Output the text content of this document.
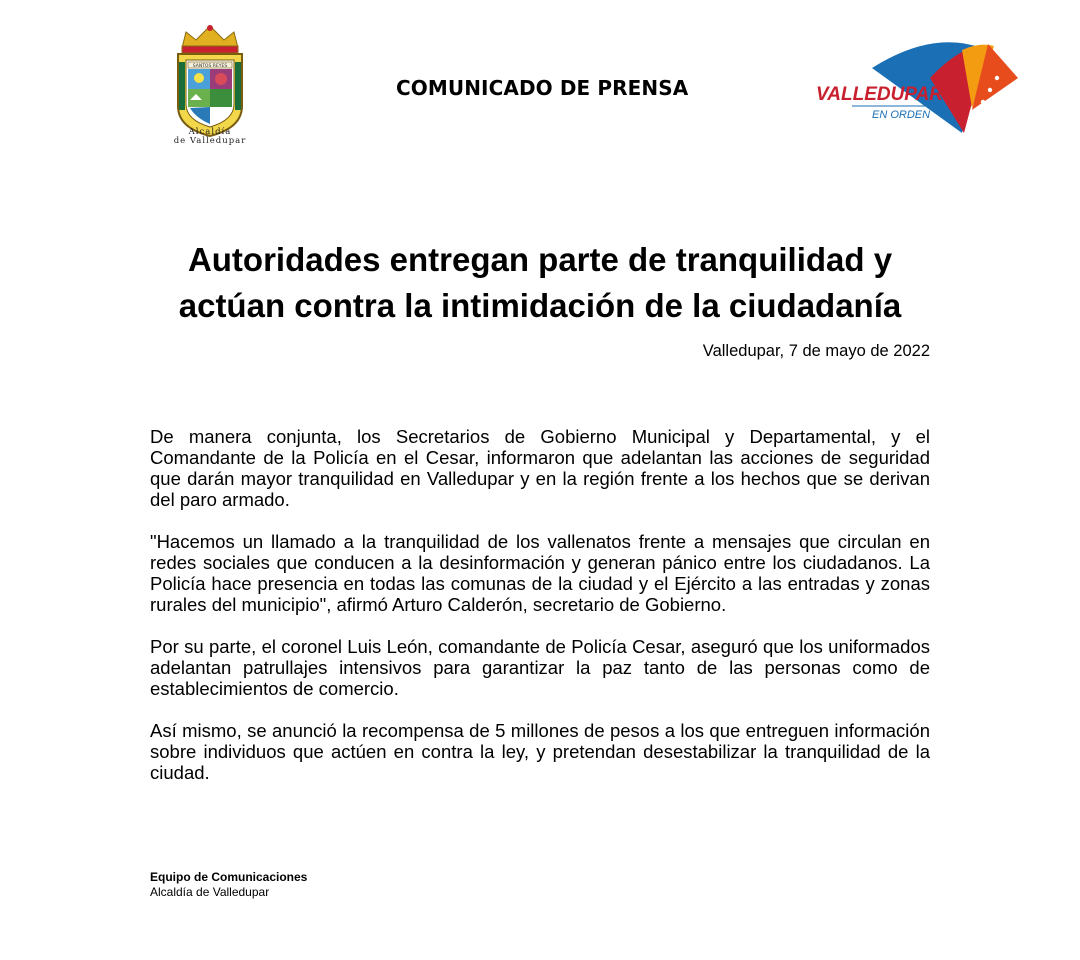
SANTOS REYES
Alcaldía
de Valledupar
COMUNICADO DE PRENSA	VALLEDUPAR
EN ORDEN
Autoridades entregan parte de tranquilidad y
actúan contra la intimidación de la ciudadanía
Valledupar, 7 de mayo de 2022

De manera conjunta, los Secretarios de Gobierno Municipal y Departamental, y el Comandante de la Policía en el Cesar, informaron que adelantan las acciones de seguridad que darán mayor tranquilidad en Valledupar y en la región frente a los hechos que se derivan del paro armado.

"Hacemos un llamado a la tranquilidad de los vallenatos frente a mensajes que circulan en redes sociales que conducen a la desinformación y generan pánico entre los ciudadanos. La Policía hace presencia en todas las comunas de la ciudad y el Ejército a las entradas y zonas rurales del municipio", afirmó Arturo Calderón, secretario de Gobierno.

Por su parte, el coronel Luis León, comandante de Policía Cesar, aseguró que los uniformados adelantan patrullajes intensivos para garantizar la paz tanto de las personas como de establecimientos de comercio.

Así mismo, se anunció la recompensa de 5 millones de pesos a los que entreguen información sobre individuos que actúen en contra la ley, y pretendan desestabilizar la tranquilidad de la ciudad.

Equipo de Comunicaciones
Alcaldía de Valledupar
